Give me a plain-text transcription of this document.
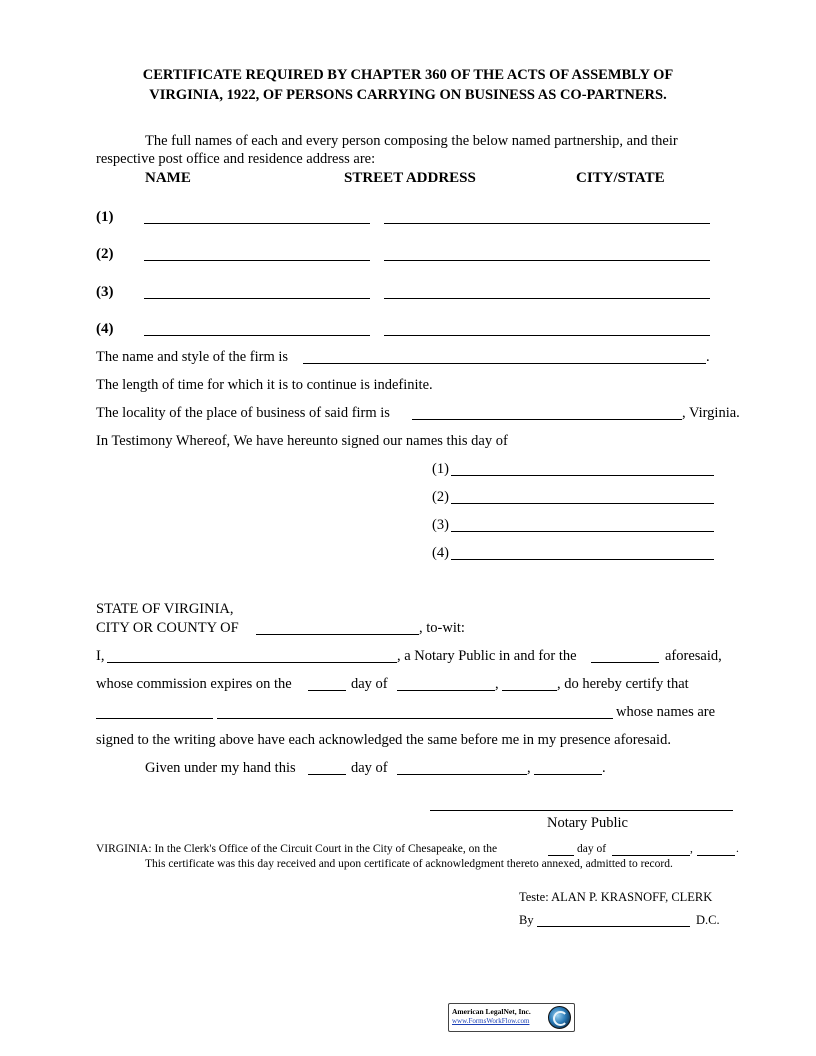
CERTIFICATE REQUIRED BY CHAPTER 360 OF THE ACTS OF ASSEMBLY OF
VIRGINIA, 1922, OF PERSONS CARRYING ON BUSINESS AS CO-PARTNERS.
The full names of each and every person composing the below named partnership, and their
respective post office and residence address are:
NAME	STREET ADDRESS	CITY/STATE
(1)
(2)
(3)
(4)
The name and style of the firm is	.
The length of time for which it is to continue is indefinite.
The locality of the place of business of said firm is	, Virginia.
In Testimony Whereof, We have hereunto signed our names this day of
(1)
(2)
(3)
(4)
STATE OF VIRGINIA,
CITY OR COUNTY OF	, to-wit:
I,	, a Notary Public in and for the	aforesaid,
whose commission expires on the	day of	,	, do hereby certify that
whose names are
signed to the writing above have each acknowledged the same before me in my presence aforesaid.
Given under my hand this	day of	,	.
Notary Public
VIRGINIA: In the Clerk's Office of the Circuit Court in the City of Chesapeake, on the	day of	,	.
This certificate was this day received and upon certificate of acknowledgment thereto annexed, admitted to record.
Teste: ALAN P. KRASNOFF, CLERK
By	D.C.
American LegalNet, Inc.
www.FormsWorkFlow.com
